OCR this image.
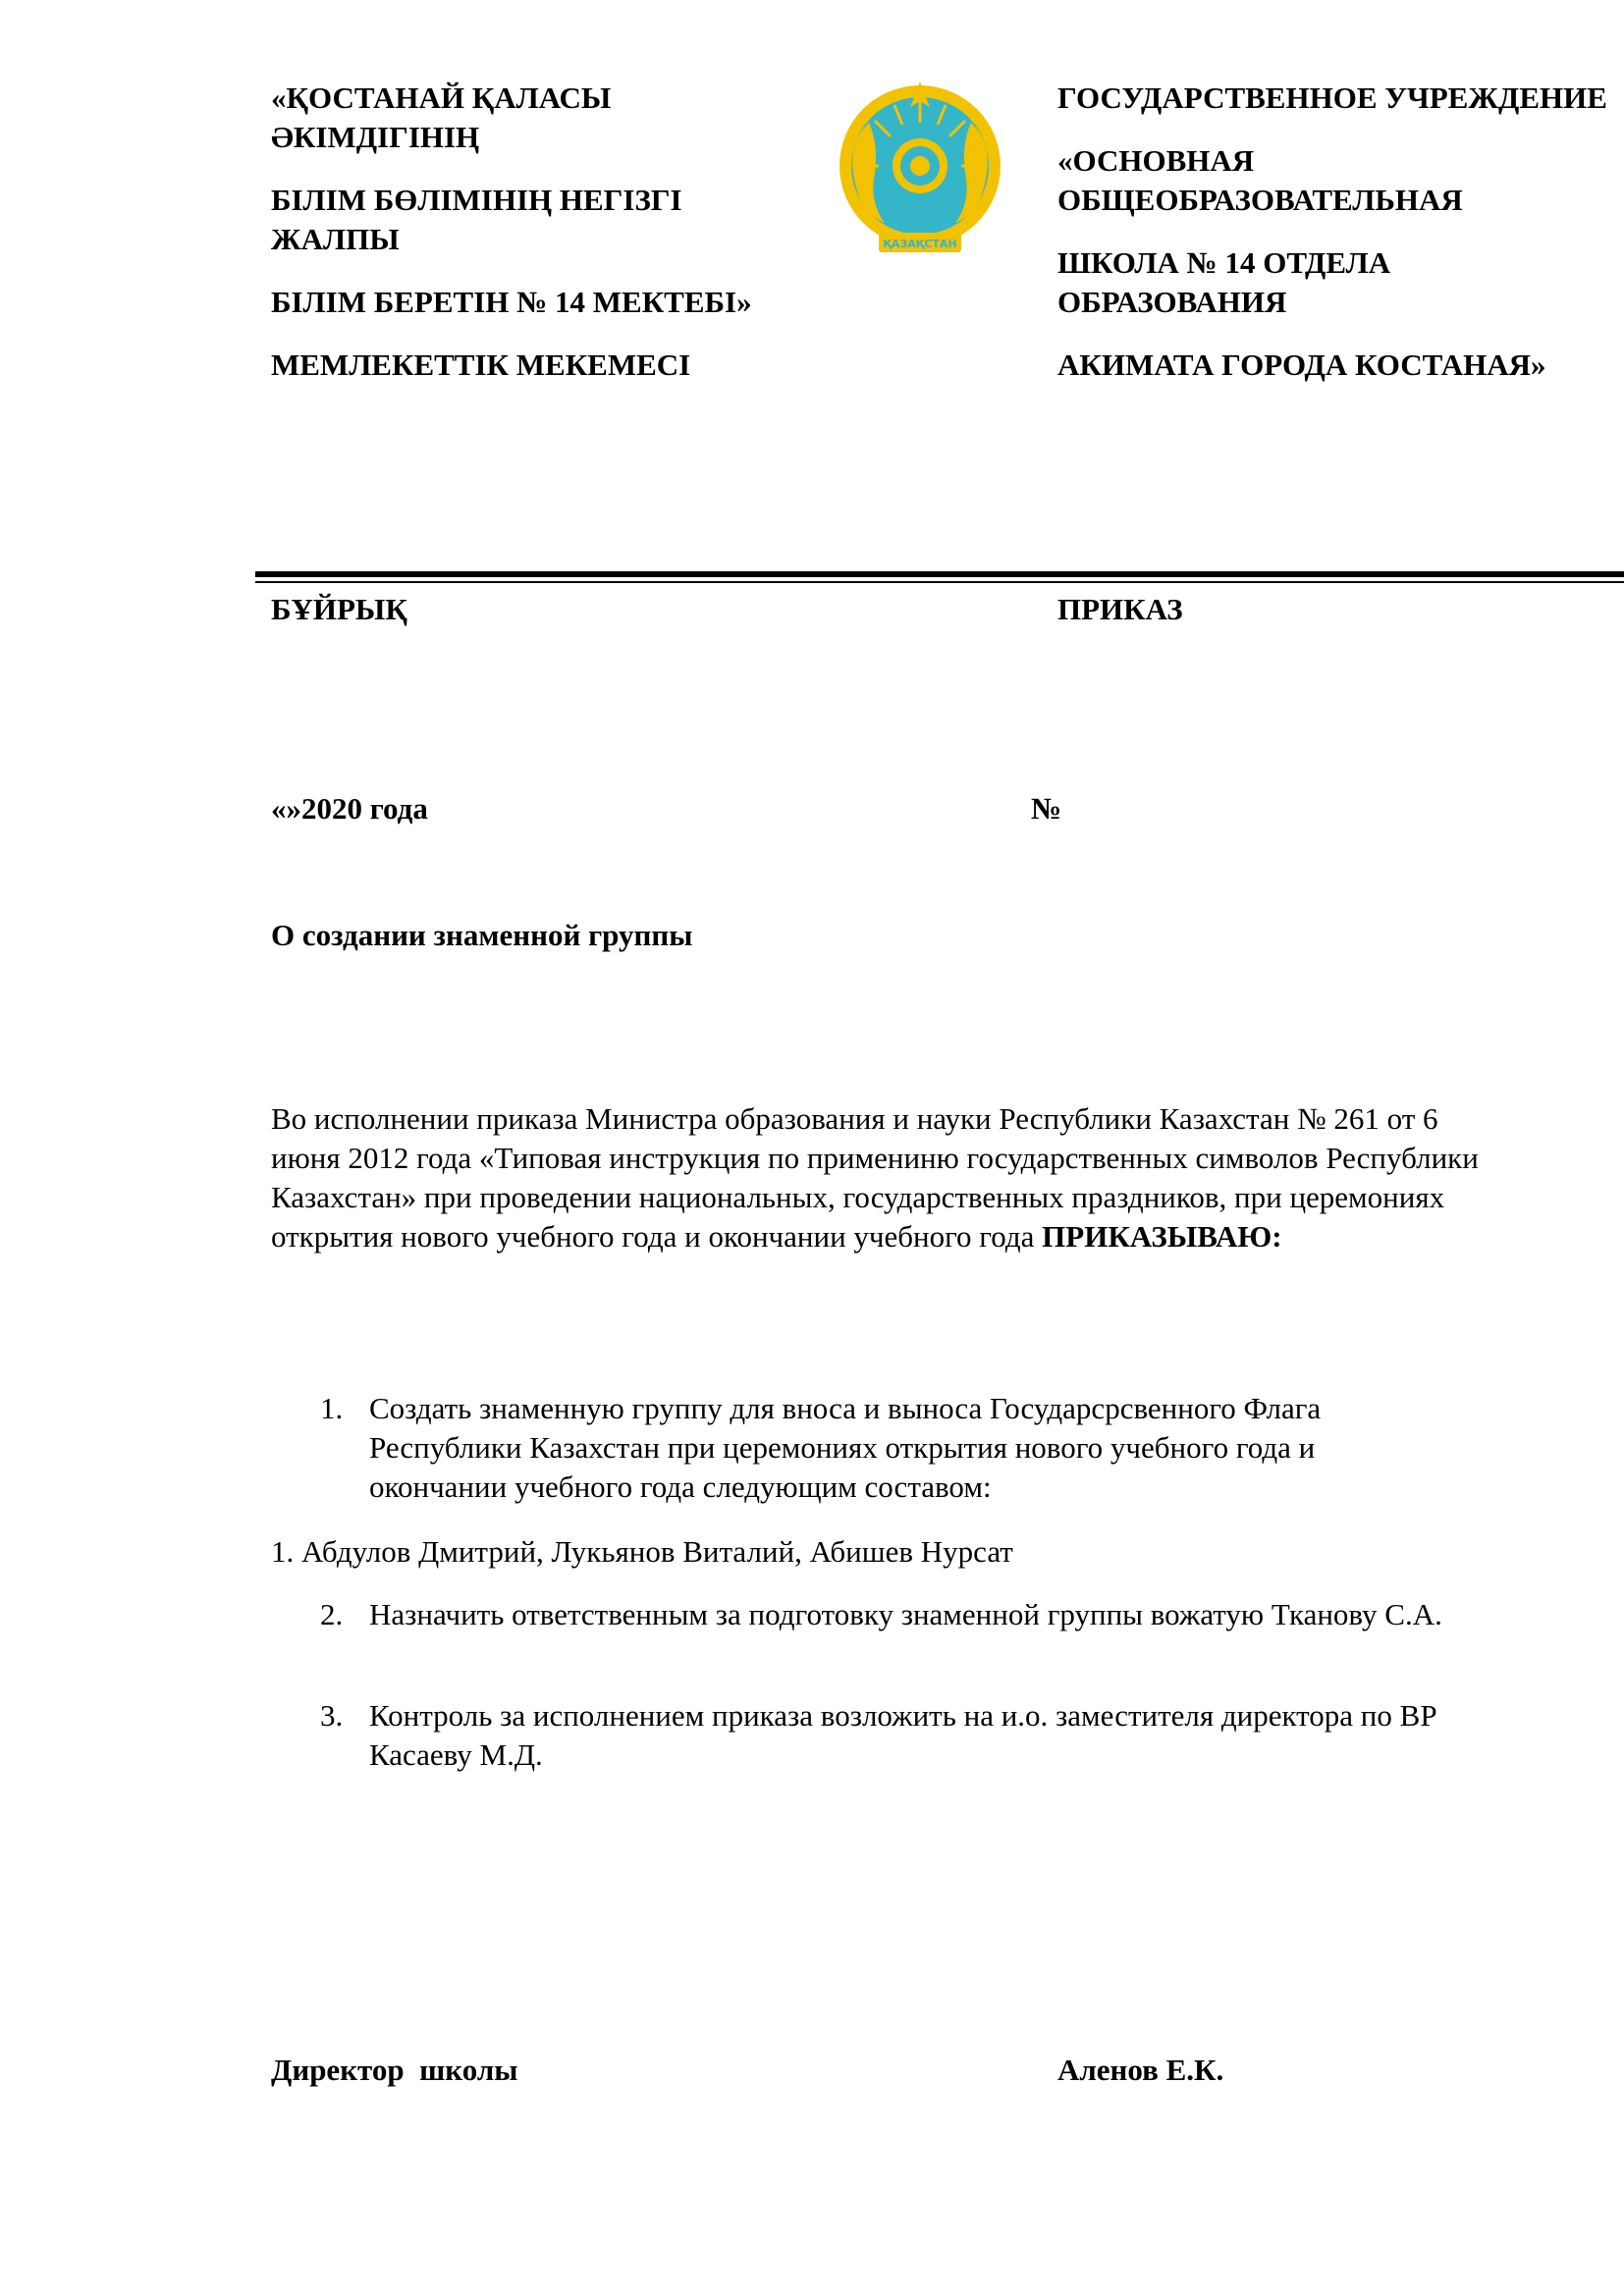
«ҚОСТАНАЙ ҚАЛАСЫ ӘКІМДІГІНІҢ

БІЛІМ БӨЛІМІНІҢ НЕГІЗГІ ЖАЛПЫ

БІЛІМ БЕРЕТІН № 14 МЕКТЕБІ»

МЕМЛЕКЕТТІК МЕКЕМЕСІ

ҚАЗАҚСТАН

ГОСУДАРСТВЕННОЕ УЧРЕЖДЕНИЕ

«ОСНОВНАЯ ОБЩЕОБРАЗОВАТЕЛЬНАЯ

ШКОЛА № 14 ОТДЕЛА ОБРАЗОВАНИЯ

АКИМАТА ГОРОДА КОСТАНАЯ»

БҰЙРЫҚ	ПРИКАЗ
«»2020 года	№
О создании знаменной группы
Во исполнении приказа Министра образования и науки Республики Казахстан № 261 от 6 июня 2012 года «Типовая инструкция по примениню государственных символов Республики Казахстан» при проведении национальных, государственных праздников, при церемониях открытия нового учебного года и окончании учебного года ПРИКАЗЫВАЮ:
1. Создать знаменную группу для вноса и выноса Государсрсвенного Флага Республики Казахстан при церемониях открытия нового учебного года и окончании учебного года следующим составом:
1. Абдулов Дмитрий, Лукьянов Виталий, Абишев Нурсат
2. Назначить ответственным за подготовку знаменной группы вожатую Тканову С.А.
3. Контроль за исполнением приказа возложить на и.о. заместителя директора по ВР Касаеву М.Д.
Директор  школы	Аленов Е.К.
